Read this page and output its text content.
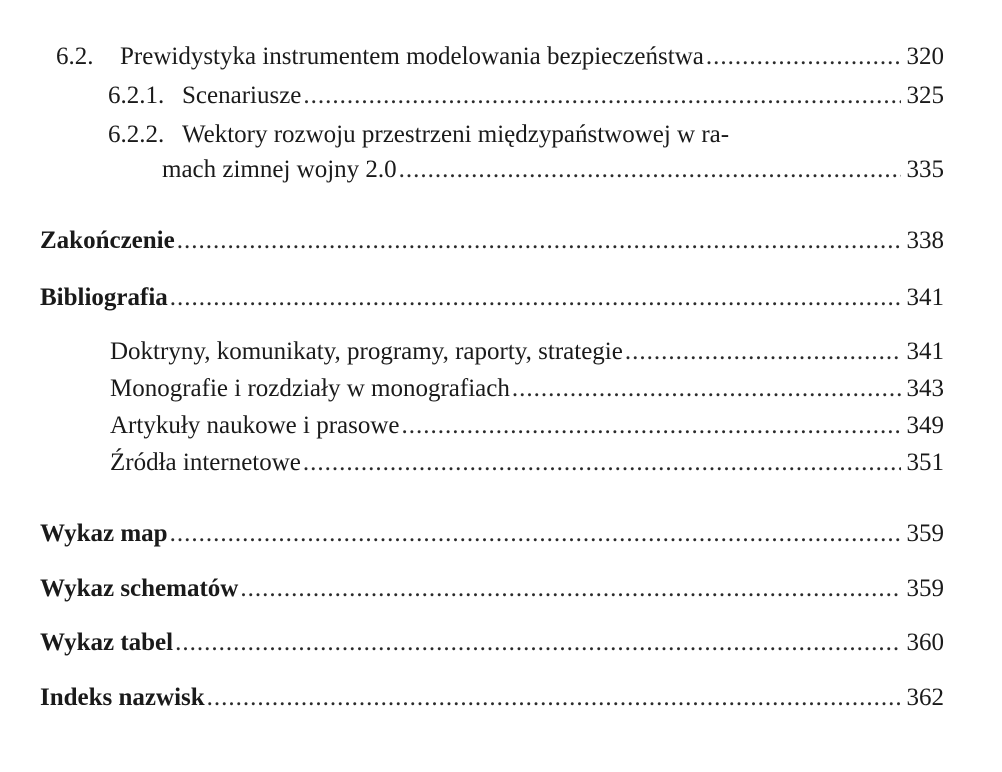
6.2.	Prewidystyka instrumentem modelowania bezpieczeństwa .....	320
6.2.1. Scenariusze .....	325
6.2.2. Wektory rozwoju przestrzeni międzypaństwowej w ra-
mach zimnej wojny 2.0 .....	335
Zakończenie .....	338
Bibliografia .....	341
Doktryny, komunikaty, programy, raporty, strategie .....	341
Monografie i rozdziały w monografiach .....	343
Artykuły naukowe i prasowe .....	349
Źródła internetowe .....	351
Wykaz map .....	359
Wykaz schematów .....	359
Wykaz tabel .....	360
Indeks nazwisk .....	362
